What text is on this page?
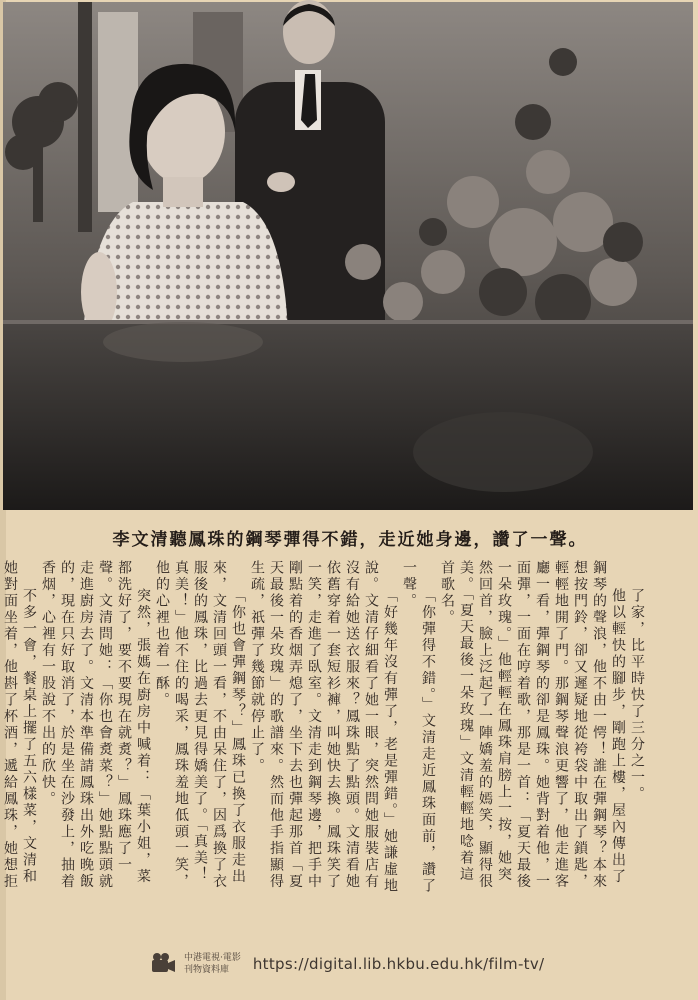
李文清聽鳳珠的鋼琴彈得不錯，走近她身邊，讚了一聲。

了家，比平時快了三分之一。

他以輕快的腳步，剛跑上樓，屋內傳出了鋼琴的聲浪，他不由一愕！誰在彈鋼琴？本來想按門鈴，卻又遲疑地從袴袋中取出了鎖匙，輕輕地開了門。那鋼琴聲浪更響了，他走進客廳一看，彈鋼琴的卻是鳳珠。她背對着他，一面彈，一面在哼着歌，那是一首：「夏天最後一朵玫瑰。」他輕輕在鳳珠肩膀上一按，她突然回首，臉上泛起了一陣嬌羞的嫣笑，顯得很美。「夏天最後一朵玫瑰」文清輕輕地唸着這首歌名。

「你彈得不錯。」文清走近鳳珠面前，讚了一聲。

「好幾年沒有彈了，老是彈錯。」她謙虛地說。文清仔細看了她一眼，突然問她服裝店有沒有給她送衣服來？鳳珠點了點頭。文清看她依舊穿着一套短衫褲，叫她快去換。鳳珠笑了一笑，走進了臥室。文清走到鋼琴邊，把手中剛點着的香烟弄熄了，坐下去也彈起那首「夏天最後一朵玫瑰」的歌譜來。然而他手指顯得生疏，祇彈了幾節就停止了。

「你也會彈鋼琴？」鳳珠已換了衣服走出來，文清回頭一看，不由呆住了，因爲換了衣服後的鳳珠，比過去更見得嬌美了。「真美！真美！」他不住的喝采，鳳珠羞地低頭一笑，他的心裡也着一酥。

突然，張媽在廚房中喊着：「葉小姐，菜都洗好了，要不要現在就煑？」鳳珠應了一聲。文清問她：「你也會煑菜？」她點點頭就走進廚房去了。文清本準備請鳳珠出外吃晚飯的，現在只好取消了，於是坐在沙發上，抽着香烟，心裡有一股說不出的欣快。

不多一會，餐桌上擺了五六樣菜，文清和她對面坐着，他斟了杯酒，遞給鳳珠，她想拒

中港電視·電影
刊物資料庫	https://digital.lib.hkbu.edu.hk/film-tv/
